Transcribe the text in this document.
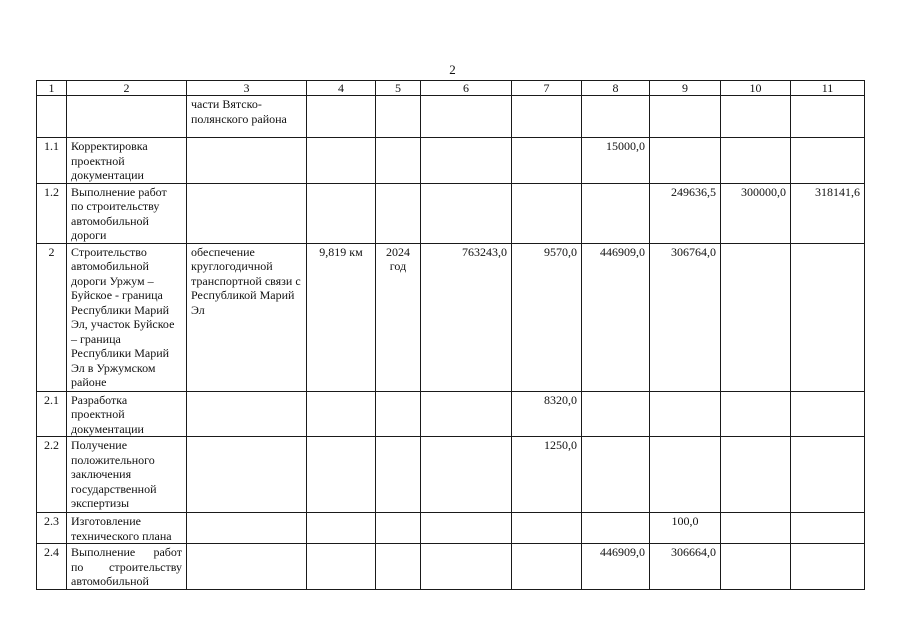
2
1	2	3	4	5	6	7	8	9	10	11
		части Вятско-полянского района								
1.1	Корректировка проектной документации						15000,0			
1.2	Выполнение работ по строительству автомобильной дороги							249636,5	300000,0	318141,6
2	Строительство автомобильной дороги Уржум – Буйское - граница Республики Марий Эл, участок Буйское – граница Республики Марий Эл в Уржумском районе	обеспечение круглогодичной транспортной связи с Республикой Марий Эл	9,819 км	2024 год	763243,0	9570,0	446909,0	306764,0		
2.1	Разработка проектной документации					8320,0				
2.2	Получение положительного заключения государственной экспертизы					1250,0				
2.3	Изготовление технического плана							100,0		
2.4	Выполнение работ по строительству автомобильной						446909,0	306664,0		
